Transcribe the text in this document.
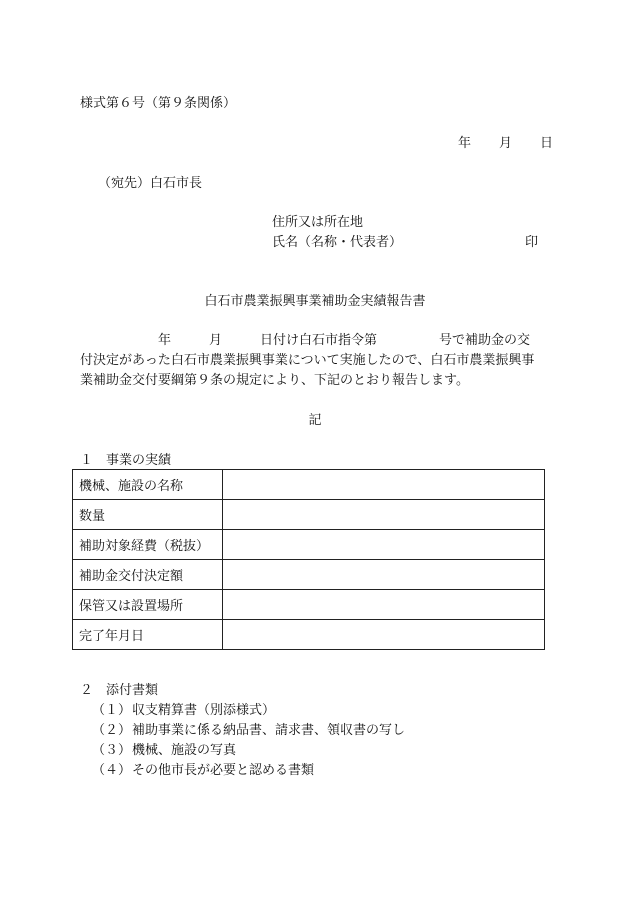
様式第６号（第９条関係）
年 月 日
（宛先）白石市長
住所又は所在地
氏名（名称・代表者）	印
白石市農業振興事業補助金実績報告書
年	月	日付け白石市指令第	号で補助金の交
付決定があった白石市農業振興事業について実施したので、白石市農業振興事
業補助金交付要綱第９条の規定により、下記のとおり報告します。
記
１　事業の実績
機械、施設の名称	
数量	
補助対象経費（税抜）	
補助金交付決定額	
保管又は設置場所	
完了年月日	
２　添付書類
（１）収支精算書（別添様式）
（２）補助事業に係る納品書、請求書、領収書の写し
（３）機械、施設の写真
（４）その他市長が必要と認める書類
